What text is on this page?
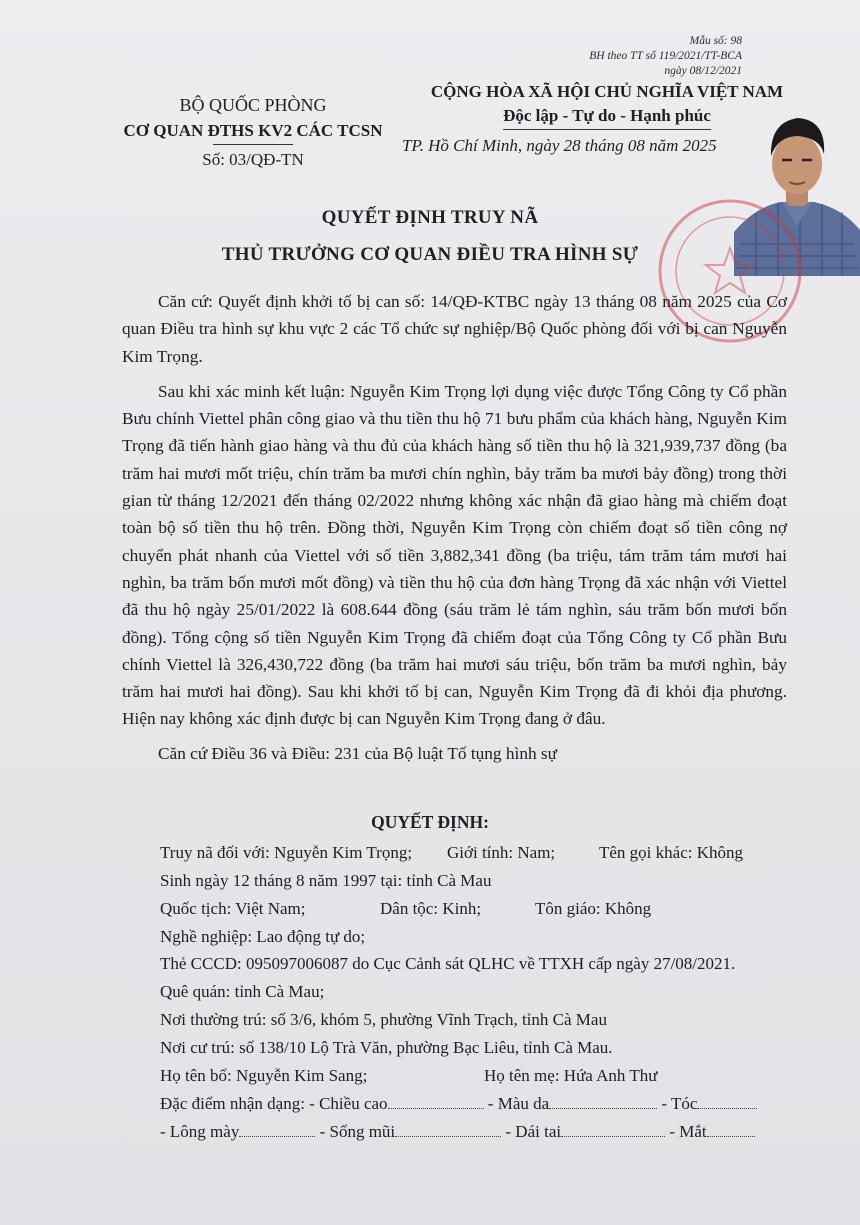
Mẫu số: 98
BH theo TT số 119/2021/TT-BCA
ngày 08/12/2021
BỘ QUỐC PHÒNG
CƠ QUAN ĐTHS KV2 CÁC TCSN
Số: 03/QĐ-TN
CỘNG HÒA XÃ HỘI CHỦ NGHĨA VIỆT NAM
Độc lập - Tự do - Hạnh phúc
TP. Hồ Chí Minh, ngày 28 tháng 08 năm 2025
QUYẾT ĐỊNH TRUY NÃ
THỦ TRƯỞNG CƠ QUAN ĐIỀU TRA HÌNH SỰ

Căn cứ: Quyết định khởi tố bị can số: 14/QĐ-KTBC ngày 13 tháng 08 năm 2025 của Cơ quan Điều tra hình sự khu vực 2 các Tổ chức sự nghiệp/Bộ Quốc phòng đối với bị can Nguyễn Kim Trọng.

Sau khi xác minh kết luận: Nguyễn Kim Trọng lợi dụng việc được Tổng Công ty Cổ phần Bưu chính Viettel phân công giao và thu tiền thu hộ 71 bưu phẩm của khách hàng, Nguyễn Kim Trọng đã tiến hành giao hàng và thu đủ của khách hàng số tiền thu hộ là 321,939,737 đồng (ba trăm hai mươi mốt triệu, chín trăm ba mươi chín nghìn, bảy trăm ba mươi bảy đồng) trong thời gian từ tháng 12/2021 đến tháng 02/2022 nhưng không xác nhận đã giao hàng mà chiếm đoạt toàn bộ số tiền thu hộ trên. Đồng thời, Nguyễn Kim Trọng còn chiếm đoạt số tiền công nợ chuyển phát nhanh của Viettel với số tiền 3,882,341 đồng (ba triệu, tám trăm tám mươi hai nghìn, ba trăm bốn mươi mốt đồng) và tiền thu hộ của đơn hàng Trọng đã xác nhận với Viettel đã thu hộ ngày 25/01/2022 là 608.644 đồng (sáu trăm lẻ tám nghìn, sáu trăm bốn mươi bốn đồng). Tổng cộng số tiền Nguyễn Kim Trọng đã chiếm đoạt của Tổng Công ty Cổ phần Bưu chính Viettel là 326,430,722 đồng (ba trăm hai mươi sáu triệu, bốn trăm ba mươi nghìn, bảy trăm hai mươi hai đồng). Sau khi khởi tố bị can, Nguyễn Kim Trọng đã đi khỏi địa phương. Hiện nay không xác định được bị can Nguyễn Kim Trọng đang ở đâu.

Căn cứ Điều 36 và Điều: 231 của Bộ luật Tố tụng hình sự

QUYẾT ĐỊNH:
Truy nã đối với: Nguyễn Kim Trọng; Giới tính: Nam;	Tên gọi khác: Không
Sinh ngày 12 tháng 8 năm 1997 tại: tỉnh Cà Mau
Quốc tịch: Việt Nam;	Dân tộc: Kinh;	Tôn giáo: Không
Nghề nghiệp: Lao động tự do;
Thẻ CCCD: 095097006087 do Cục Cảnh sát QLHC về TTXH cấp ngày 27/08/2021.
Quê quán: tỉnh Cà Mau;
Nơi thường trú: số 3/6, khóm 5, phường Vĩnh Trạch, tỉnh Cà Mau
Nơi cư trú: số 138/10 Lộ Trà Văn, phường Bạc Liêu, tỉnh Cà Mau.
Họ tên bố: Nguyễn Kim Sang;	Họ tên mẹ: Hứa Anh Thư
Đặc điểm nhận dạng: - Chiều cao	- Màu da	- Tóc
- Lông mày	- Sống mũi	- Dái tai	- Mắt
